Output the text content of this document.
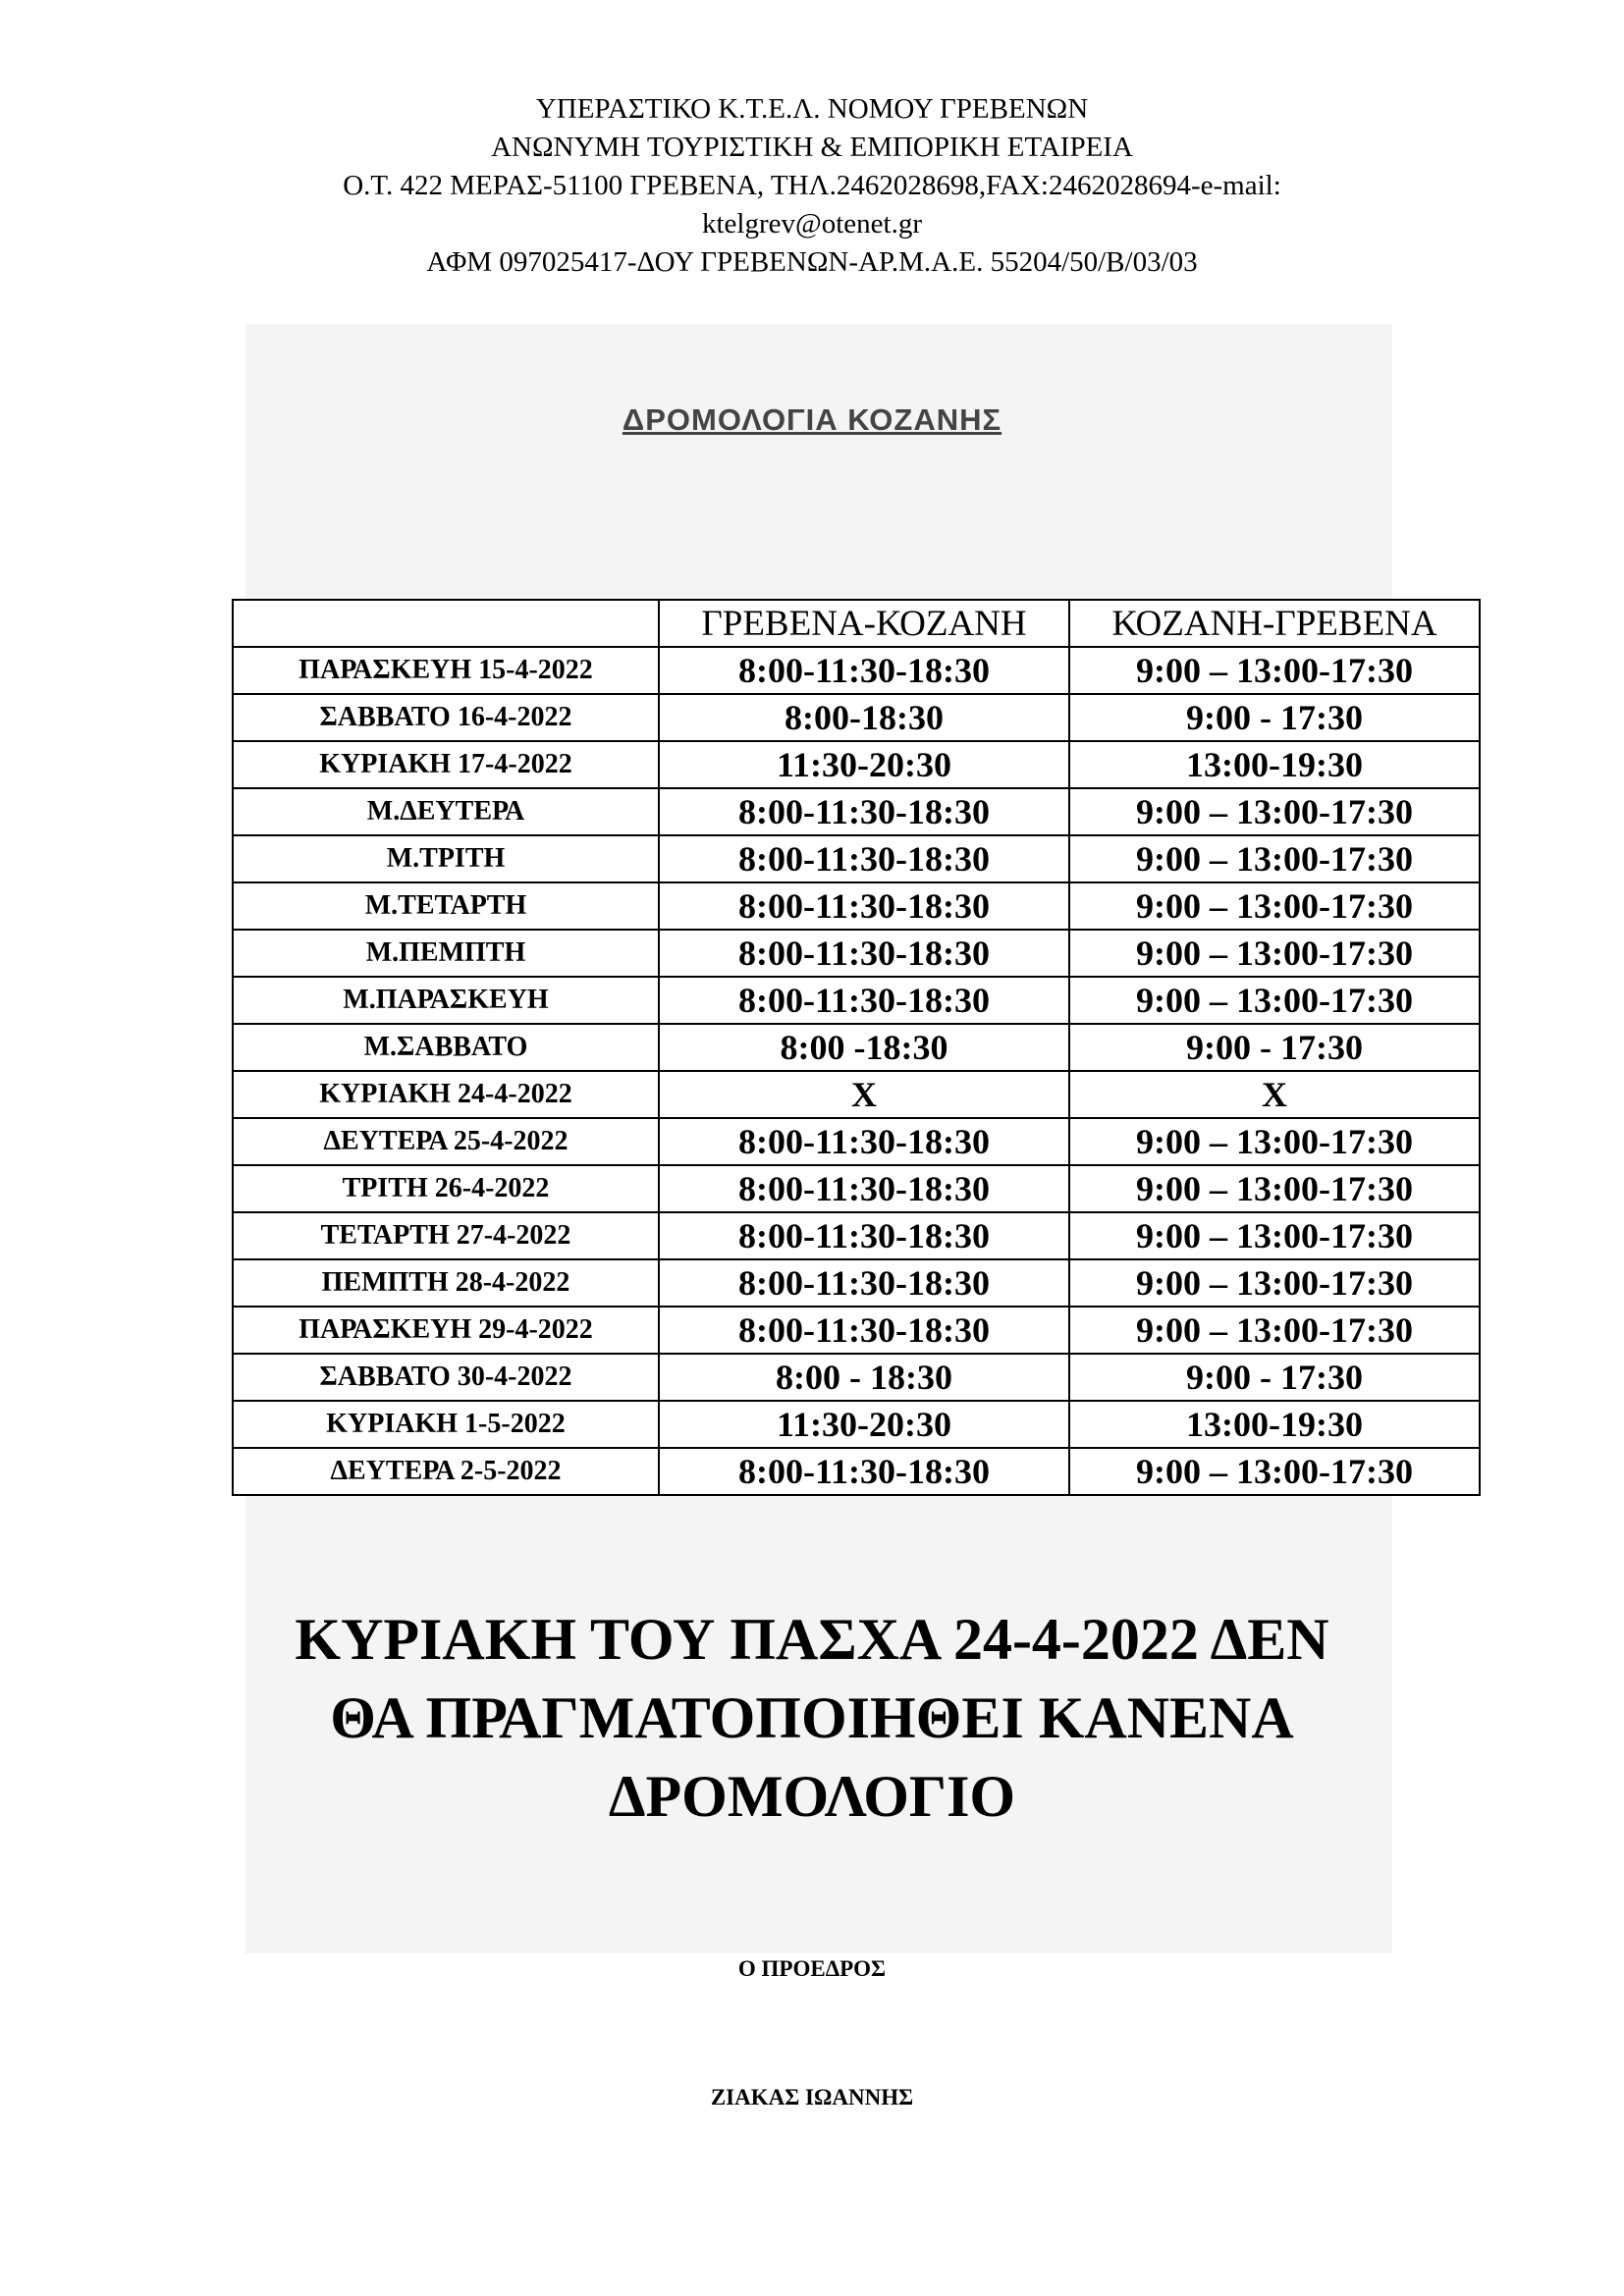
ΥΠΕΡΑΣΤΙΚΟ Κ.Τ.Ε.Λ. ΝΟΜΟΥ ΓΡΕΒΕΝΩΝ
ΑΝΩΝΥΜΗ ΤΟΥΡΙΣΤΙΚΗ & ΕΜΠΟΡΙΚΗ ΕΤΑΙΡΕΙΑ
Ο.Τ. 422 ΜΕΡΑΣ-51100 ΓΡΕΒΕΝΑ, ΤΗΛ.2462028698,FAX:2462028694-e-mail:
ktelgrev@otenet.gr
ΑΦΜ 097025417-ΔΟΥ ΓΡΕΒΕΝΩΝ-ΑΡ.Μ.Α.Ε. 55204/50/Β/03/03
ΔΡΟΜΟΛΟΓΙΑ ΚΟΖΑΝΗΣ
	ΓΡΕΒΕΝΑ-ΚΟΖΑΝΗ	ΚΟΖΑΝΗ-ΓΡΕΒΕΝΑ
ΠΑΡΑΣΚΕΥΗ 15-4-2022	8:00-11:30-18:30	9:00 – 13:00-17:30
ΣΑΒΒΑΤΟ 16-4-2022	8:00-18:30	9:00 - 17:30
ΚΥΡΙΑΚΗ 17-4-2022	11:30-20:30	13:00-19:30
Μ.ΔΕΥΤΕΡΑ	8:00-11:30-18:30	9:00 – 13:00-17:30
Μ.ΤΡΙΤΗ	8:00-11:30-18:30	9:00 – 13:00-17:30
Μ.ΤΕΤΑΡΤΗ	8:00-11:30-18:30	9:00 – 13:00-17:30
Μ.ΠΕΜΠΤΗ	8:00-11:30-18:30	9:00 – 13:00-17:30
Μ.ΠΑΡΑΣΚΕΥΗ	8:00-11:30-18:30	9:00 – 13:00-17:30
Μ.ΣΑΒΒΑΤΟ	8:00 -18:30	9:00 - 17:30
ΚΥΡΙΑΚΗ 24-4-2022	X	X
ΔΕΥΤΕΡΑ 25-4-2022	8:00-11:30-18:30	9:00 – 13:00-17:30
ΤΡΙΤΗ 26-4-2022	8:00-11:30-18:30	9:00 – 13:00-17:30
ΤΕΤΑΡΤΗ 27-4-2022	8:00-11:30-18:30	9:00 – 13:00-17:30
ΠΕΜΠΤΗ 28-4-2022	8:00-11:30-18:30	9:00 – 13:00-17:30
ΠΑΡΑΣΚΕΥΗ 29-4-2022	8:00-11:30-18:30	9:00 – 13:00-17:30
ΣΑΒΒΑΤΟ 30-4-2022	8:00 - 18:30	9:00 - 17:30
ΚΥΡΙΑΚΗ 1-5-2022	11:30-20:30	13:00-19:30
ΔΕΥΤΕΡΑ 2-5-2022	8:00-11:30-18:30	9:00 – 13:00-17:30
ΚΥΡΙΑΚΗ ΤΟΥ ΠΑΣΧΑ 24-4-2022 ΔΕΝ
ΘΑ ΠΡΑΓΜΑΤΟΠΟΙΗΘΕΙ ΚΑΝΕΝΑ
ΔΡΟΜΟΛΟΓΙΟ
Ο ΠΡΟΕΔΡΟΣ
ΖΙΑΚΑΣ ΙΩΑΝΝΗΣ
